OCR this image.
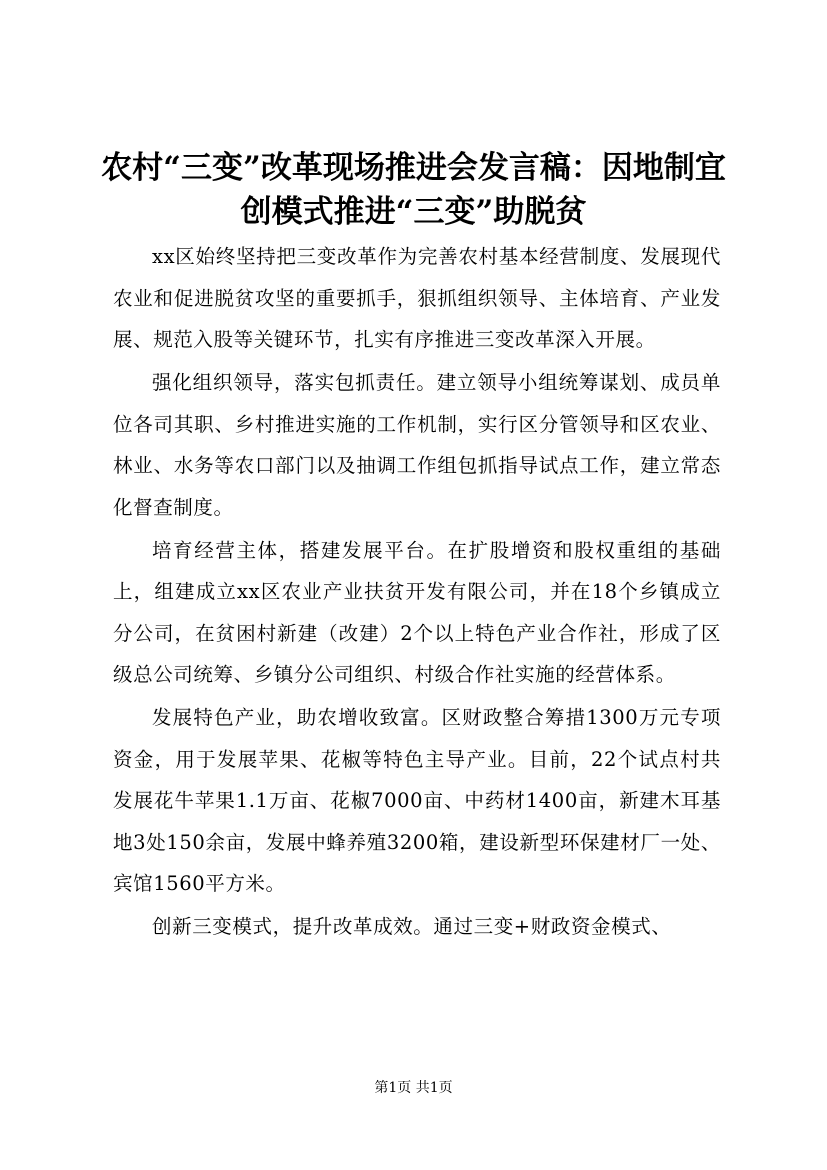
农村“三变”改革现场推进会发言稿：因地制宜创模式推进“三变”助脱贫

xx区始终坚持把三变改革作为完善农村基本经营制度、发展现代农业和促进脱贫攻坚的重要抓手，狠抓组织领导、主体培育、产业发展、规范入股等关键环节，扎实有序推进三变改革深入开展。

强化组织领导，落实包抓责任。建立领导小组统筹谋划、成员单位各司其职、乡村推进实施的工作机制，实行区分管领导和区农业、林业、水务等农口部门以及抽调工作组包抓指导试点工作，建立常态化督查制度。

培育经营主体，搭建发展平台。在扩股增资和股权重组的基础上，组建成立xx区农业产业扶贫开发有限公司，并在18个乡镇成立分公司，在贫困村新建（改建）2个以上特色产业合作社，形成了区级总公司统筹、乡镇分公司组织、村级合作社实施的经营体系。

发展特色产业，助农增收致富。区财政整合筹措1300万元专项资金，用于发展苹果、花椒等特色主导产业。目前，22个试点村共发展花牛苹果1.1万亩、花椒7000亩、中药材1400亩，新建木耳基地3处150余亩，发展中蜂养殖3200箱，建设新型环保建材厂一处、宾馆1560平方米。

创新三变模式，提升改革成效。通过三变+财政资金模式、

第1页 共1页
